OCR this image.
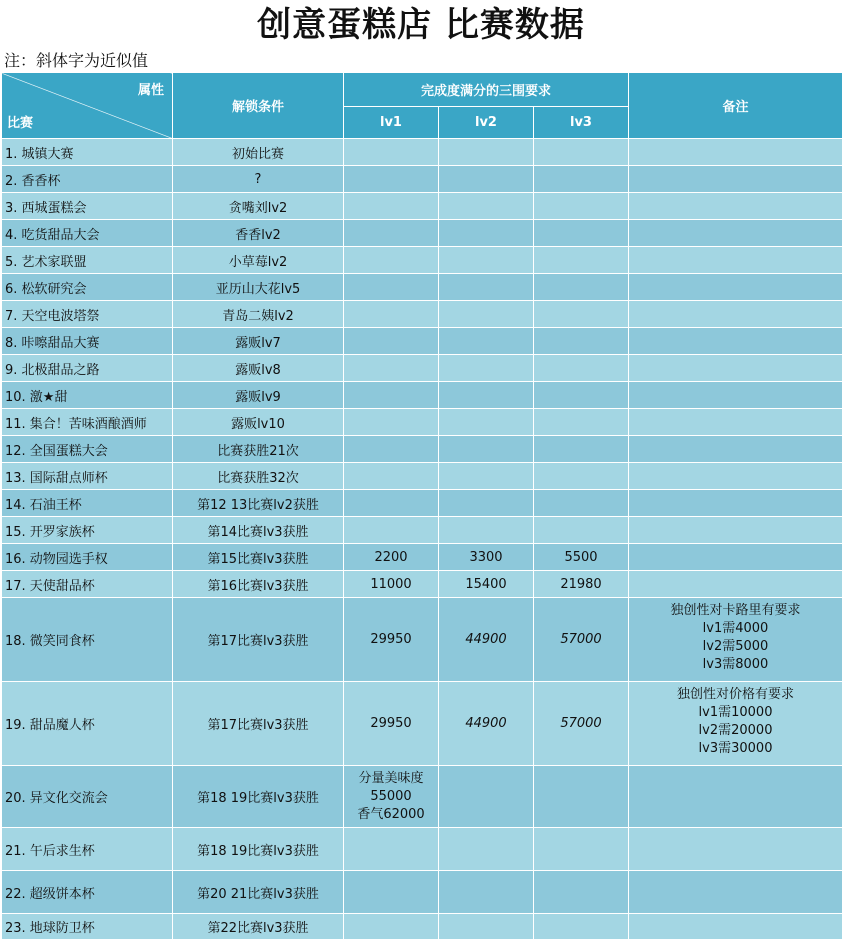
创意蛋糕店 比赛数据
注：斜体字为近似值
属性
比赛	解锁条件	完成度满分的三围要求			备注
		lv1	lv2	lv3	
1. 城镇大赛	初始比赛				
2. 香香杯	?				
3. 西城蛋糕会	贪嘴刘lv2				
4. 吃货甜品大会	香香lv2				
5. 艺术家联盟	小草莓lv2				
6. 松软研究会	亚历山大花lv5				
7. 天空电波塔祭	青岛二姨lv2				
8. 咔嚓甜品大赛	露贩lv7				
9. 北极甜品之路	露贩lv8				
10. 激★甜	露贩lv9				
11. 集合！苦味酒酿酒师	露贩lv10				
12. 全国蛋糕大会	比赛获胜21次				
13. 国际甜点师杯	比赛获胜32次				
14. 石油王杯	第12 13比赛lv2获胜				
15. 开罗家族杯	第14比赛lv3获胜				
16. 动物园选手权	第15比赛lv3获胜	2200	3300	5500	
17. 天使甜品杯	第16比赛lv3获胜	11000	15400	21980	
18. 微笑同食杯	第17比赛lv3获胜	29950	44900	57000	独创性对卡路里有要求
lv1需4000
lv2需5000
lv3需8000

19. 甜品魔人杯	第17比赛lv3获胜	29950	44900	57000	独创性对价格有要求
lv1需10000
lv2需20000
lv3需30000

20. 异文化交流会	第18 19比赛lv3获胜	分量美味度
55000
香气62000			

21. 午后求生杯	第18 19比赛lv3获胜				
22. 超级饼本杯	第20 21比赛lv3获胜				
23. 地球防卫杯	第22比赛lv3获胜				
